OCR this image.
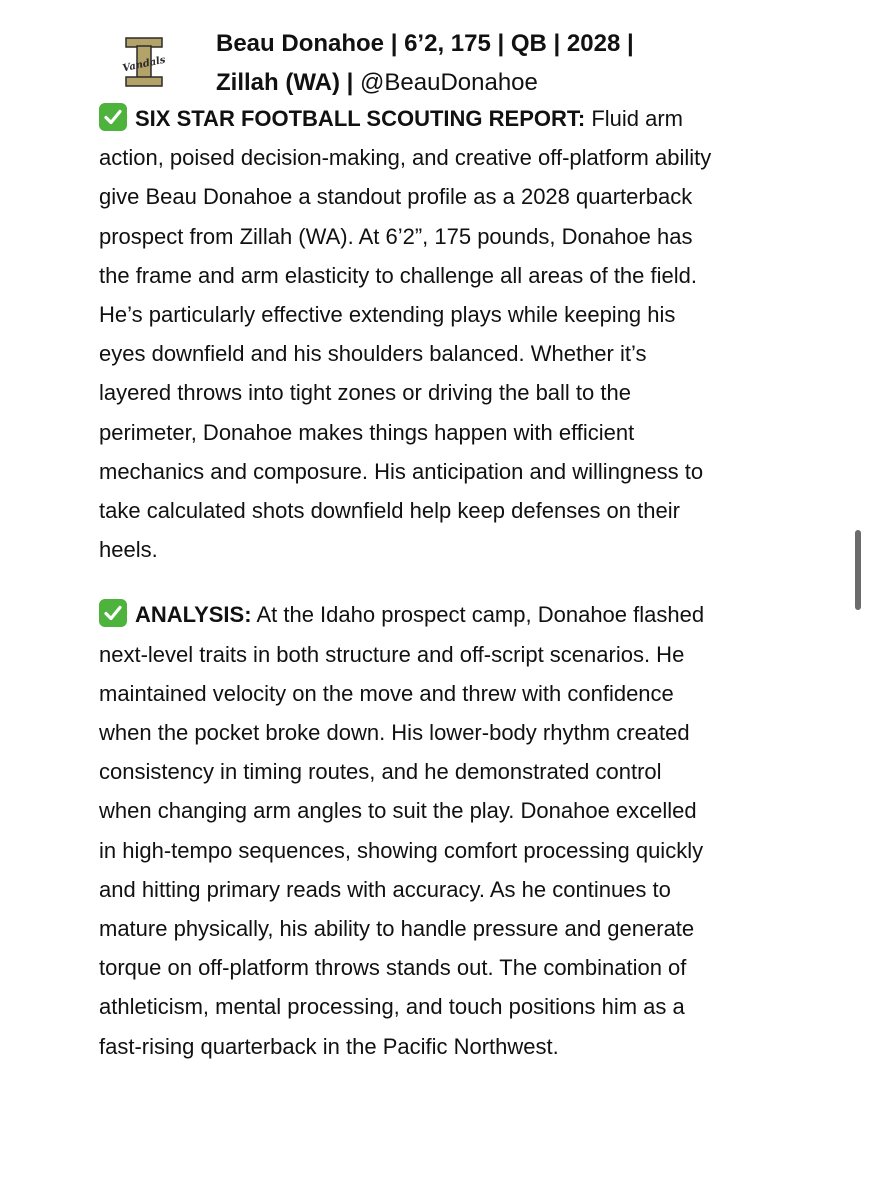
Vandals
Beau Donahoe | 6’2, 175 | QB | 2028 |
Zillah (WA) | @BeauDonahoe

SIX STAR FOOTBALL SCOUTING REPORT: Fluid arm action, poised decision-making, and creative off-platform ability give Beau Donahoe a standout profile as a 2028 quarterback prospect from Zillah (WA). At 6’2”, 175 pounds, Donahoe has the frame and arm elasticity to challenge all areas of the field. He’s particularly effective extending plays while keeping his eyes downfield and his shoulders balanced. Whether it’s layered throws into tight zones or driving the ball to the perimeter, Donahoe makes things happen with efficient mechanics and composure. His anticipation and willingness to take calculated shots downfield help keep defenses on their heels.

ANALYSIS: At the Idaho prospect camp, Donahoe flashed next-level traits in both structure and off-script scenarios. He maintained velocity on the move and threw with confidence when the pocket broke down. His lower-body rhythm created consistency in timing routes, and he demonstrated control when changing arm angles to suit the play. Donahoe excelled in high-tempo sequences, showing comfort processing quickly and hitting primary reads with accuracy. As he continues to mature physically, his ability to handle pressure and generate torque on off-platform throws stands out. The combination of athleticism, mental processing, and touch positions him as a fast-rising quarterback in the Pacific Northwest.
